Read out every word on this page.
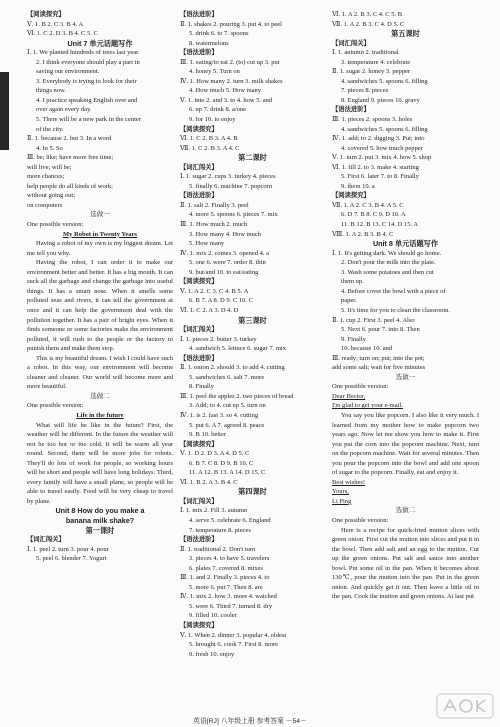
【阅读探究】
Ⅴ. 1. B 2. C 3. B 4. A
Ⅵ. 1. C 2. D 3. B 4. C 5. C
Unit 7 单元话题写作
Ⅰ. 1. We planted hundreds of trees last year.
2. I think everyone should play a part in
saving our environment.
3. Everybody is trying to look for their
things now.
4. I practice speaking English over and
over again every day.
5. There will be a new park in the center
of the city.
Ⅱ. 1. because 2. but 3. In a word
4. In 5. So
Ⅲ. be; like; have more free time;
will live; will be;
more chances;
help people do all kinds of work;
without going out;
on computers
选做一
One possible version:
My Robot in Twenty Years
Having a robot of my own is my biggest dream. Let me tell you why.
Having the robot, I can order it to make our environment better and better. It has a big mouth. It can suck all the garbage and change the garbage into useful things. It has a smart nose. When it smells some polluted seas and rivers, it can tell the government at once and it can help the government deal with the pollution together. It has a pair of bright eyes. When it finds someone or some factories make the environment polluted, it will rush to the people or the factory to punish them and make them stop.
This is my beautiful dream. I wish I could have such a robot. In this way, our environment will become cleaner and cleaner. Our world will become more and more beautiful.
选做二
One possible version:
Life in the future
What will life be like in the future? First, the weather will be different. In the future the weather will not be too hot or too cold. It will be warm all year round. Second, there will be more jobs for robots. They'll do lots of work for people, so working hours will be short and people will have long holidays. Third, every family will have a small plane, so people will be able to travel easily. Food will be very cheap to travel by plane.
Unit 8 How do you make a
banana milk shake?
第一课时
【词汇闯关】
Ⅰ. 1. peel 2. turn 3. pour 4. pour
5. peel 6. blender 7. Yogurt
【语法进阶】
Ⅱ. 1. shakes 2. pouring 3. put 4. to peel
5. drink 6. to 7. spoons
8. watermelons
【语法进阶】
Ⅲ. 1. eating/to eat 2. (to) cut up 3. put
4. honey 5. Turn on
Ⅳ. 1. How many 2. turn 3. milk shakes
4. How much 5. How many
Ⅴ. 1. into 2. and 3. to 4. how 5. and
6. up 7. drink 8. a/one
9. for 10. to enjoy
【阅读探究】
Ⅵ. 1. C 2. B 3. A 4. B
Ⅶ. 1. C 2. B 3. A 4. C
第二课时
【词汇闯关】
Ⅰ. 1. sugar 2. cups 3. turkey 4. pieces
5. finally 6. machine 7. popcorn
【语法进阶】
Ⅱ. 1. salt 2. Finally 3. peel
4. more 5. spoons 6. pieces 7. mix
Ⅲ. 1. How much 2. much
3. How many 4. How much
5. How many
Ⅳ. 1. mix 2. comes 3. opened 4. a
5. one 6. were 7. order 8. thin
9. but/and 10. to eat/eating
【阅读探究】
Ⅴ. 1. A 2. C 3. C 4. B 5. A
6. B 7. A 8. D 9. C 10. C
Ⅵ. 1. C 2. A 3. D 4. D
第三课时
【词汇闯关】
Ⅰ. 1. pieces 2. butter 3. turkey
4. sandwich 5. lettuce 6. sugar 7. mix
【语法进阶】
Ⅱ. 1. onion 2. should 3. to add 4. cutting
5. sandwiches 6. salt 7. more
8. Finally
Ⅲ. 1. peel the apples 2. two pieces of bread
3. Add; to 4. cut up 5. turn on
Ⅳ. 1. is 2. fast 3. so 4. cutting
5. put 6. A 7. agreed 8. peace
9. B 10. better
【阅读探究】
Ⅴ. 1. D 2. D 3. A 4. D 5. C
6. B 7. C 8. D 9. B 10. C
11. A 12. B 13. A 14. D 15. C
Ⅵ. 1. B 2. A 3. B 4. C
第四课时
【词汇闯关】
Ⅰ. 1. mix 2. Fill 3. autumn
4. serve 5. celebrate 6. England
7. temperature 8. pieces
【语法进阶】
Ⅱ. 1. traditional 2. Don't turn
3. pieces 4. to have 5. travelers
6. plates 7. covered 8. mixes
Ⅲ. 1. and 2. Finally 3. pieces 4. to
5. more 6. put 7. Then 8. are
Ⅳ. 1. mix 2. how 3. more 4. watched
5. were 6. Third 7. turned 8. dry
9. filled 10. cooler
【阅读探究】
Ⅴ. 1. When 2. dinner 3. popular 4. oldest
5. brought 6. cook 7. First 8. more
9. fresh 10. enjoy
Ⅵ. 1. A 2. B 3. C 4. C 5. B
Ⅶ. 1. A 2. B 3. C 4. D 5. C
第五课时
【词汇闯关】
Ⅰ. 1. autumn 2. traditional
3. temperature 4. celebrate
Ⅱ. 1. sugar 2. honey 3. pepper
4. sandwiches 5. spoons 6. filling
7. pieces 8. pieces
8. England 9. pieces 10. gravy
【语法进阶】
Ⅲ. 1. pieces 2. spoons 3. holes
4. sandwiches 5. spoons 6. filling
Ⅳ. 1. add; to 2. digging 3. Put; into
4. covered 5. how much pepper
Ⅴ. 1. turn 2. put 3. mix 4. how 5. shop
Ⅵ. 1. fill 2. to 3. make 4. starting
5. First 6. later 7. to 8. Finally
9. them 10. a
【阅读探究】
Ⅶ. 1. A 2. C 3. B 4. A 5. C
6. D 7. B 8. C 9. D 10. A
11. B 12. B 13. C 14. D 15. A
Ⅷ. 1. A 2. B 3. B 4. C
Unit 8 单元话题写作
Ⅰ. 1. It's getting dark. We should go home.
2. Don't pour the milk into the plate.
3. Wash some potatoes and then cut
them up.
4. Before cover the bowl with a piece of
paper.
5. It's time for you to clean the classroom.
Ⅱ. 1. cup 2. First 3. peel 4. Also
5. Next 6. pour 7. into 8. Then
9. Finally
10. because 10. and
Ⅲ. ready; turn on; put; into the pot;
add some salt; wait for five minutes
选做一
One possible version:
Dear Hector,
I'm glad to get your e-mail.
You say you like popcorn. I also like it very much. I learned from my mother how to make popcorn two years ago. Now let me show you how to make it. First you put the corn into the popcorn machine. Next, turn on the popcorn machine. Wait for several minutes. Then you pour the popcorn into the bowl and add one spoon of sugar to the popcorn. Finally, eat and enjoy it.
Best wishes!
Yours,
Li Ping
选做二
One possible version:
Here is a recipe for quick-fried mutton slices with green onion. First cut the mutton into slices and put it in the bowl. Then add salt and an egg to the mutton. Cut up the green onions. Put salt and sauce into another bowl. Put some oil in the pan. When it becomes about 130℃, pour the mutton into the pan. Put in the green onion. And quickly get it out. Then leave a little oil in the pan. Cook the mutton and green onions. At last put
英语[RJ] 八年级上册 参考答案 －54－
